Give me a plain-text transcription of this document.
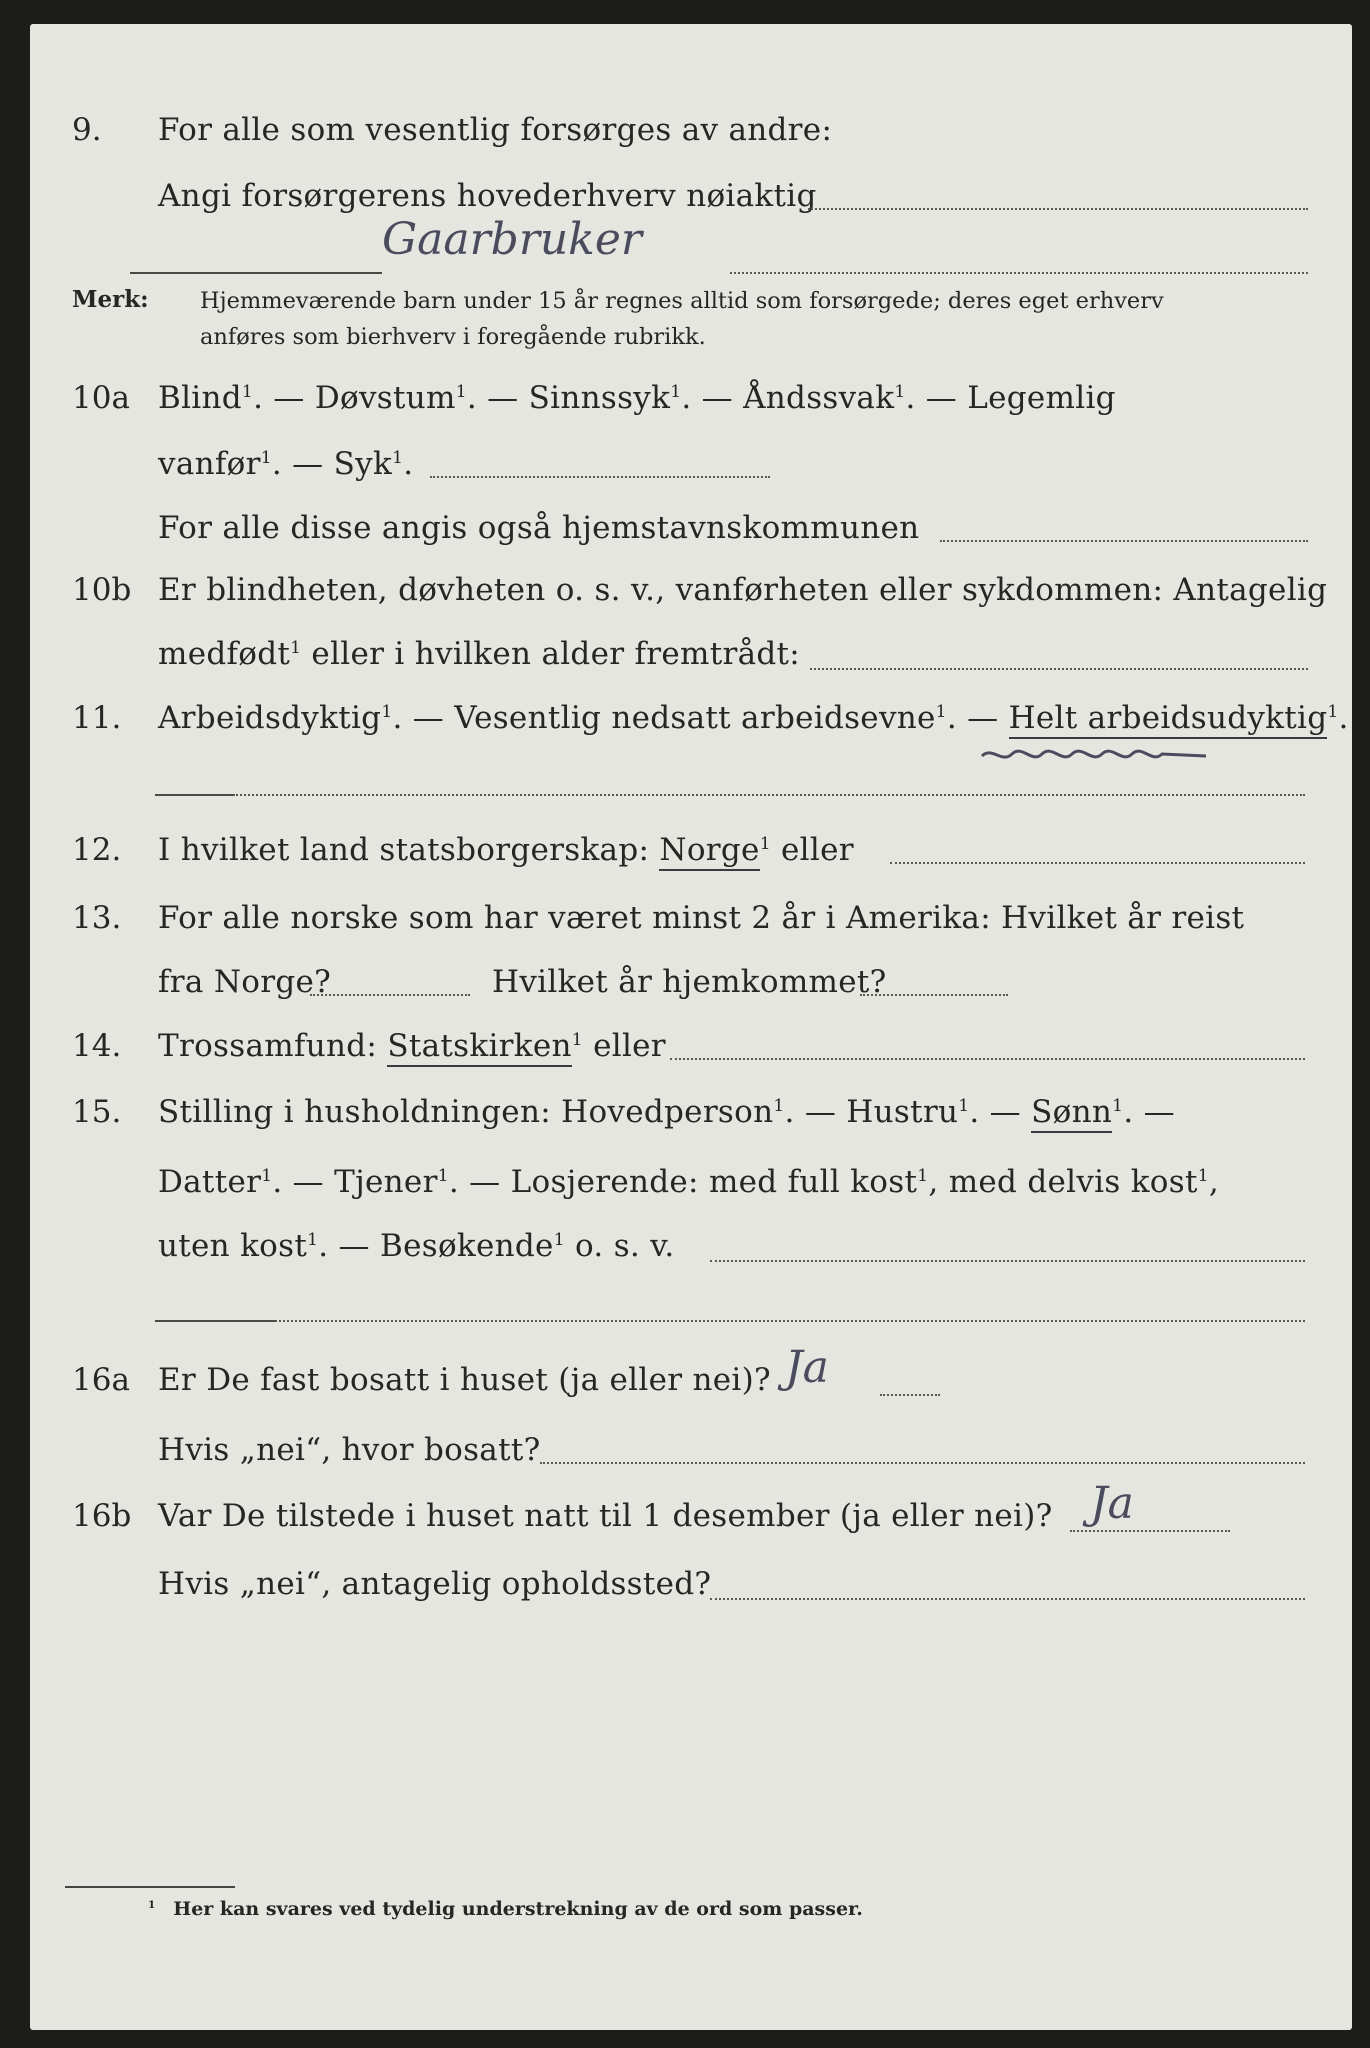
9. For alle som vesentlig forsørges av andre:
Angi forsørgerens hovederhverv nøiaktig
Gaarbruker
Merk: Hjemmeværende barn under 15 år regnes alltid som forsørgede; deres eget erhverv
anføres som bierhverv i foregående rubrikk.
10a Blind$^1$. — Døvstum$^1$. — Sinnssyk$^1$. — Åndssvak$^1$. — Legemlig
vanfør$^1$. — Syk$^1$.
For alle disse angis også hjemstavnskommunen
10b Er blindheten, døvheten o. s. v., vanførheten eller sykdommen: Antagelig
medfødt$^1$ eller i hvilken alder fremtrådt:
11. Arbeidsdyktig$^1$. — Vesentlig nedsatt arbeidsevne$^1$. — Helt arbeidsudyktig$^1$.
12. I hvilket land statsborgerskap: Norge$^1$ eller
13. For alle norske som har været minst 2 år i Amerika: Hvilket år reist
fra Norge?	Hvilket år hjemkommet?
14. Trossamfund: Statskirken$^1$ eller
15. Stilling i husholdningen: Hovedperson$^1$. — Hustru$^1$. — Sønn$^1$. —
Datter$^1$. — Tjener$^1$. — Losjerende: med full kost$^1$, med delvis kost$^1$,
uten kost$^1$. — Besøkende$^1$ o. s. v.
16a Er De fast bosatt i huset (ja eller nei)? Ja
Hvis „nei“, hvor bosatt?
16b Var De tilstede i huset natt til 1 desember (ja eller nei)? Ja
Hvis „nei“, antagelig opholdssted?
$^1$ Her kan svares ved tydelig understrekning av de ord som passer.
